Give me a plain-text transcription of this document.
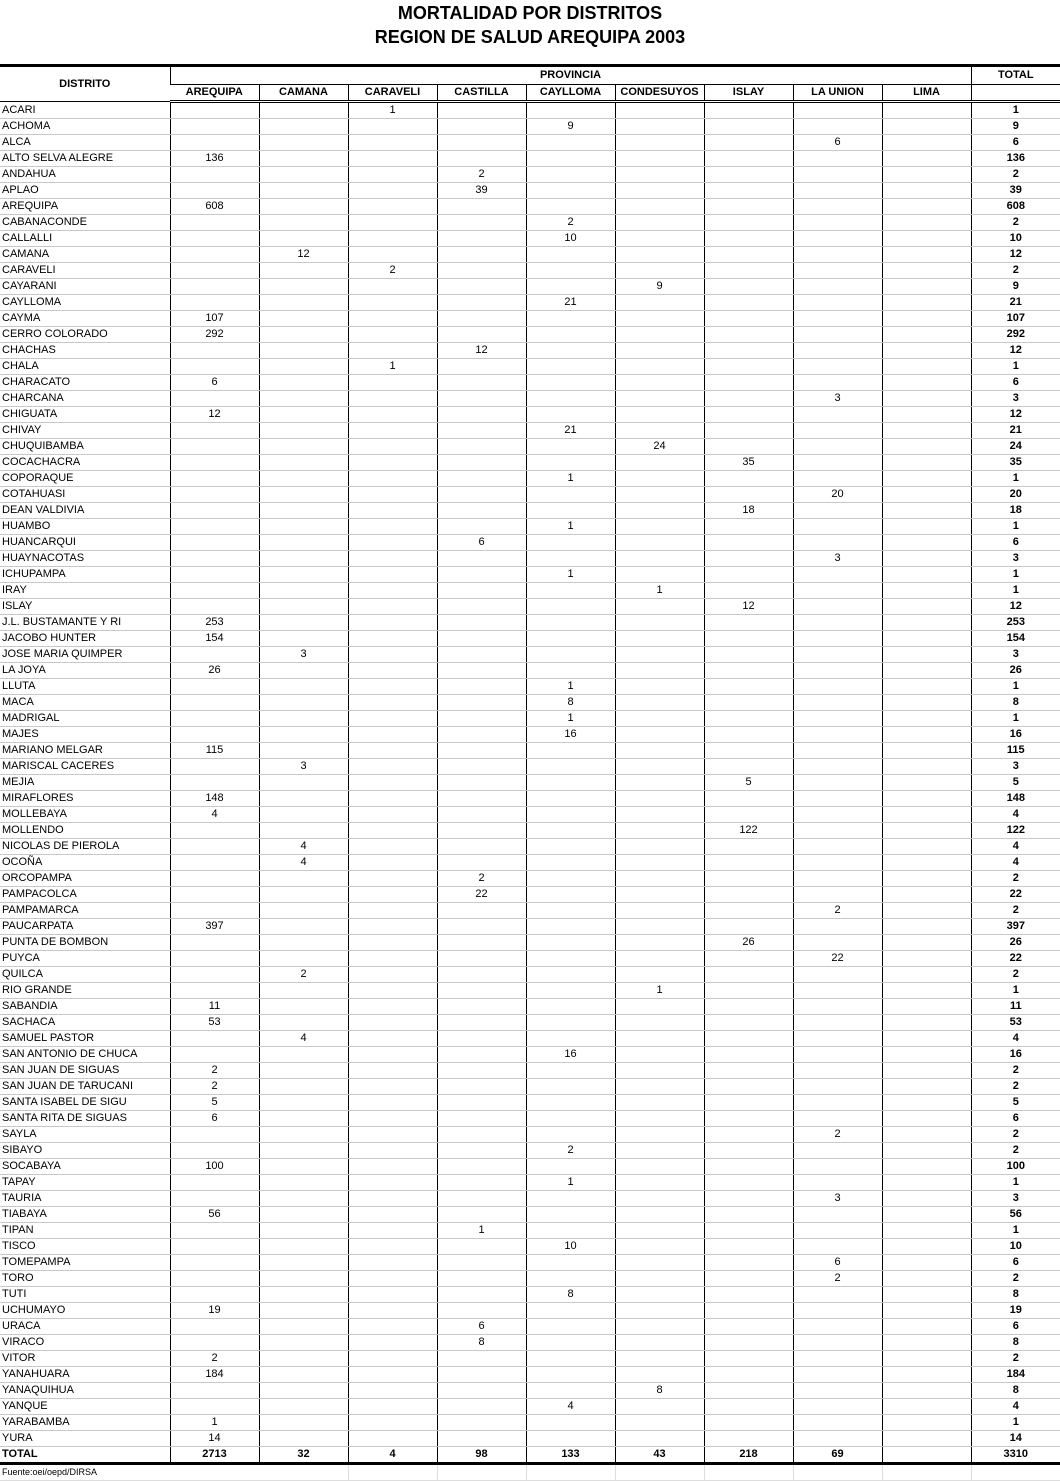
MORTALIDAD POR DISTRITOS
REGION DE SALUD AREQUIPA 2003
DISTRITO	PROVINCIA									TOTAL
	AREQUIPA	CAMANA	CARAVELI	CASTILLA	CAYLLOMA	CONDESUYOS	ISLAY	LA UNION	LIMA	
ACARI			1							1
ACHOMA					9					9
ALCA								6		6
ALTO SELVA ALEGRE	136									136
ANDAHUA				2						2
APLAO				39						39
AREQUIPA	608									608
CABANACONDE					2					2
CALLALLI					10					10
CAMANA		12								12
CARAVELI			2							2
CAYARANI						9				9
CAYLLOMA					21					21
CAYMA	107									107
CERRO COLORADO	292									292
CHACHAS				12						12
CHALA			1							1
CHARACATO	6									6
CHARCANA								3		3
CHIGUATA	12									12
CHIVAY					21					21
CHUQUIBAMBA						24				24
COCACHACRA							35			35
COPORAQUE					1					1
COTAHUASI								20		20
DEAN VALDIVIA							18			18
HUAMBO					1					1
HUANCARQUI				6						6
HUAYNACOTAS								3		3
ICHUPAMPA					1					1
IRAY						1				1
ISLAY							12			12
J.L. BUSTAMANTE Y RI	253									253
JACOBO HUNTER	154									154
JOSE MARIA QUIMPER		3								3
LA JOYA	26									26
LLUTA					1					1
MACA					8					8
MADRIGAL					1					1
MAJES					16					16
MARIANO MELGAR	115									115
MARISCAL CACERES		3								3
MEJIA							5			5
MIRAFLORES	148									148
MOLLEBAYA	4									4
MOLLENDO							122			122
NICOLAS DE PIEROLA		4								4
OCOÑA		4								4
ORCOPAMPA				2						2
PAMPACOLCA				22						22
PAMPAMARCA								2		2
PAUCARPATA	397									397
PUNTA DE BOMBON							26			26
PUYCA								22		22
QUILCA		2								2
RIO GRANDE						1				1
SABANDIA	11									11
SACHACA	53									53
SAMUEL PASTOR		4								4
SAN ANTONIO DE CHUCA					16					16
SAN JUAN DE SIGUAS	2									2
SAN JUAN DE TARUCANI	2									2
SANTA ISABEL DE SIGU	5									5
SANTA RITA DE SIGUAS	6									6
SAYLA								2		2
SIBAYO					2					2
SOCABAYA	100									100
TAPAY					1					1
TAURIA								3		3
TIABAYA	56									56
TIPAN				1						1
TISCO					10					10
TOMEPAMPA								6		6
TORO								2		2
TUTI					8					8
UCHUMAYO	19									19
URACA				6						6
VIRACO				8						8
VITOR	2									2
YANAHUARA	184									184
YANAQUIHUA						8				8
YANQUE					4					4
YARABAMBA	1									1
YURA	14									14
TOTAL	2713	32	4	98	133	43	218	69		3310
Fuente:oei/oepd/DIRSA										
